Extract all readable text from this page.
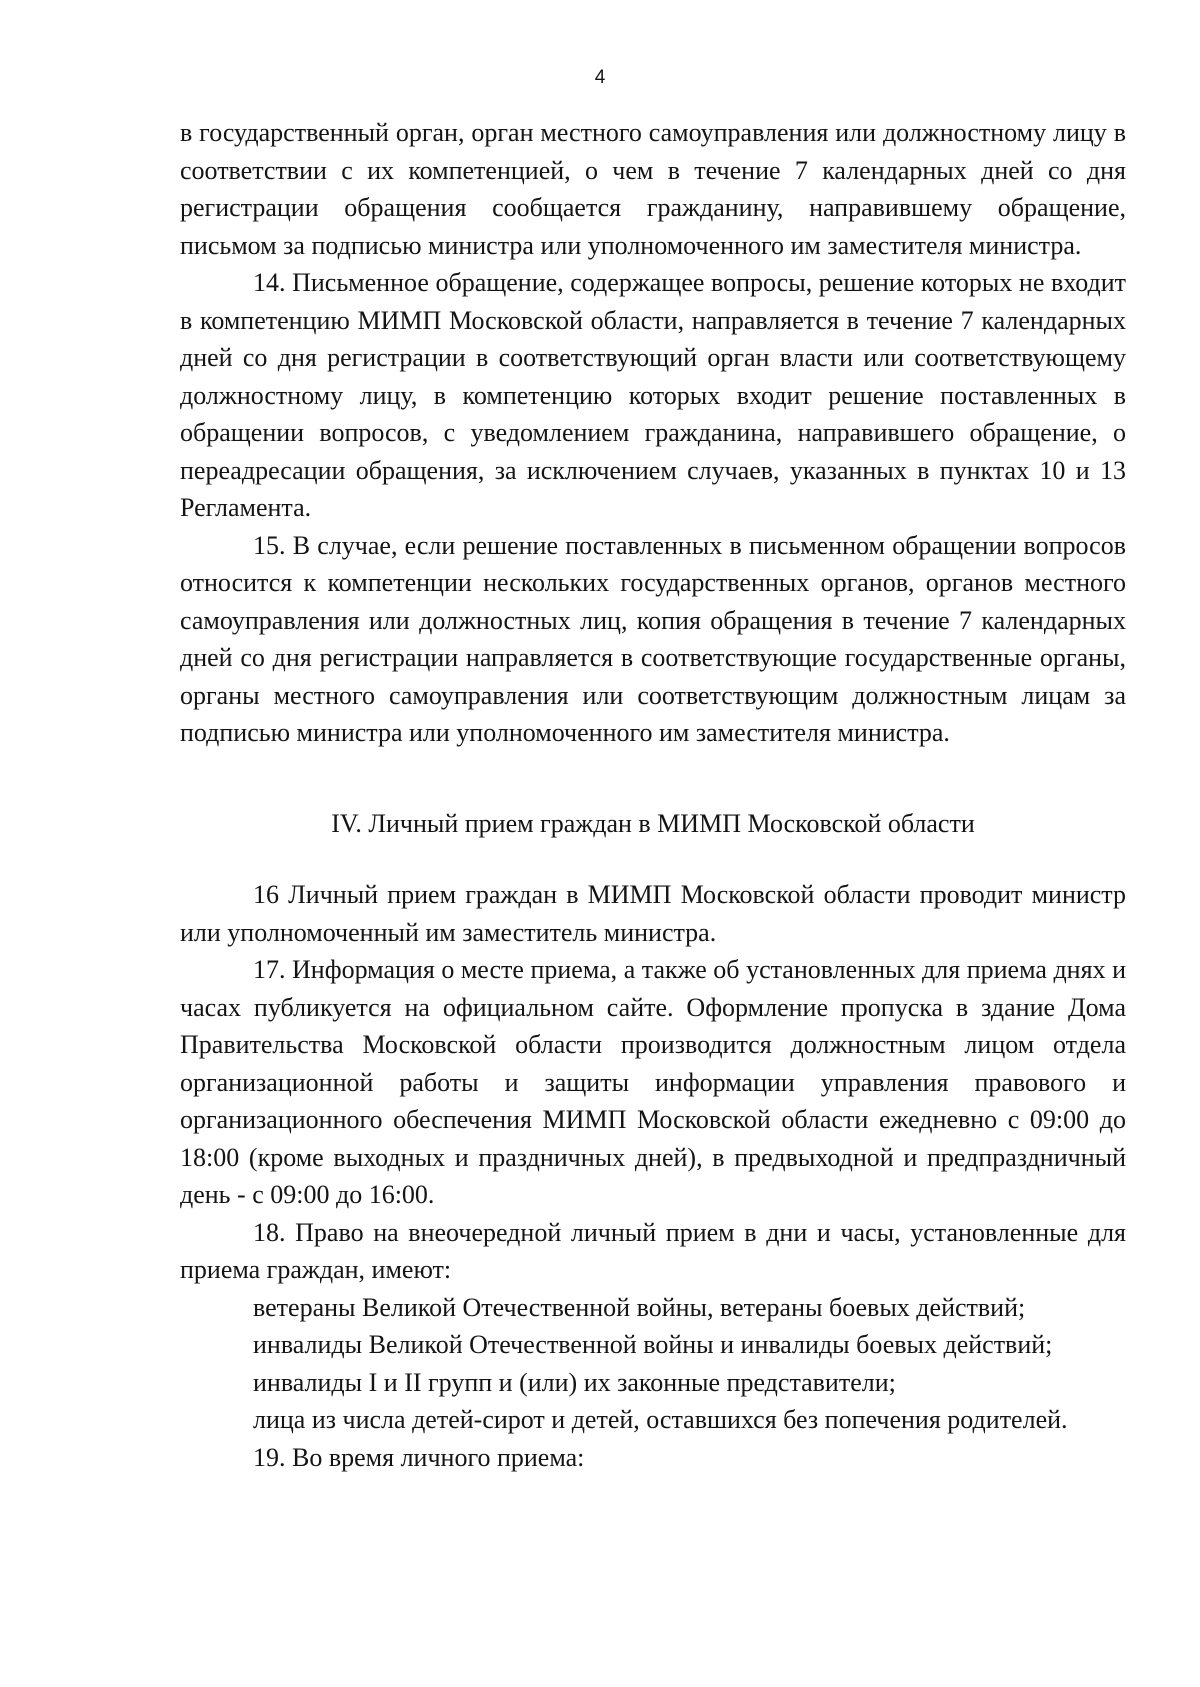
4

в государственный орган, орган местного самоуправления или должностному лицу в соответствии с их компетенцией, о чем в течение 7 календарных дней со дня регистрации обращения сообщается гражданину, направившему обращение, письмом за подписью министра или уполномоченного им заместителя министра.

14. Письменное обращение, содержащее вопросы, решение которых не входит в компетенцию МИМП Московской области, направляется в течение 7 календарных дней со дня регистрации в соответствующий орган власти или соответствующему должностному лицу, в компетенцию которых входит решение поставленных в обращении вопросов, с уведомлением гражданина, направившего обращение, о переадресации обращения, за исключением случаев, указанных в пунктах 10 и 13 Регламента.

15. В случае, если решение поставленных в письменном обращении вопросов относится к компетенции нескольких государственных органов, органов местного самоуправления или должностных лиц, копия обращения в течение 7 календарных дней со дня регистрации направляется в соответствующие государственные органы, органы местного самоуправления или соответствующим должностным лицам за подписью министра или уполномоченного им заместителя министра.

IV. Личный прием граждан в МИМП Московской области

16 Личный прием граждан в МИМП Московской области проводит министр или уполномоченный им заместитель министра.

17. Информация о месте приема, а также об установленных для приема днях и часах публикуется на официальном сайте. Оформление пропуска в здание Дома Правительства Московской области производится должностным лицом отдела организационной работы и защиты информации управления правового и организационного обеспечения МИМП Московской области ежедневно с 09:00 до 18:00 (кроме выходных и праздничных дней), в предвыходной и предпраздничный день - с 09:00 до 16:00.

18. Право на внеочередной личный прием в дни и часы, установленные для приема граждан, имеют:

ветераны Великой Отечественной войны, ветераны боевых действий;

инвалиды Великой Отечественной войны и инвалиды боевых действий;

инвалиды I и II групп и (или) их законные представители;

лица из числа детей-сирот и детей, оставшихся без попечения родителей.

19. Во время личного приема:
